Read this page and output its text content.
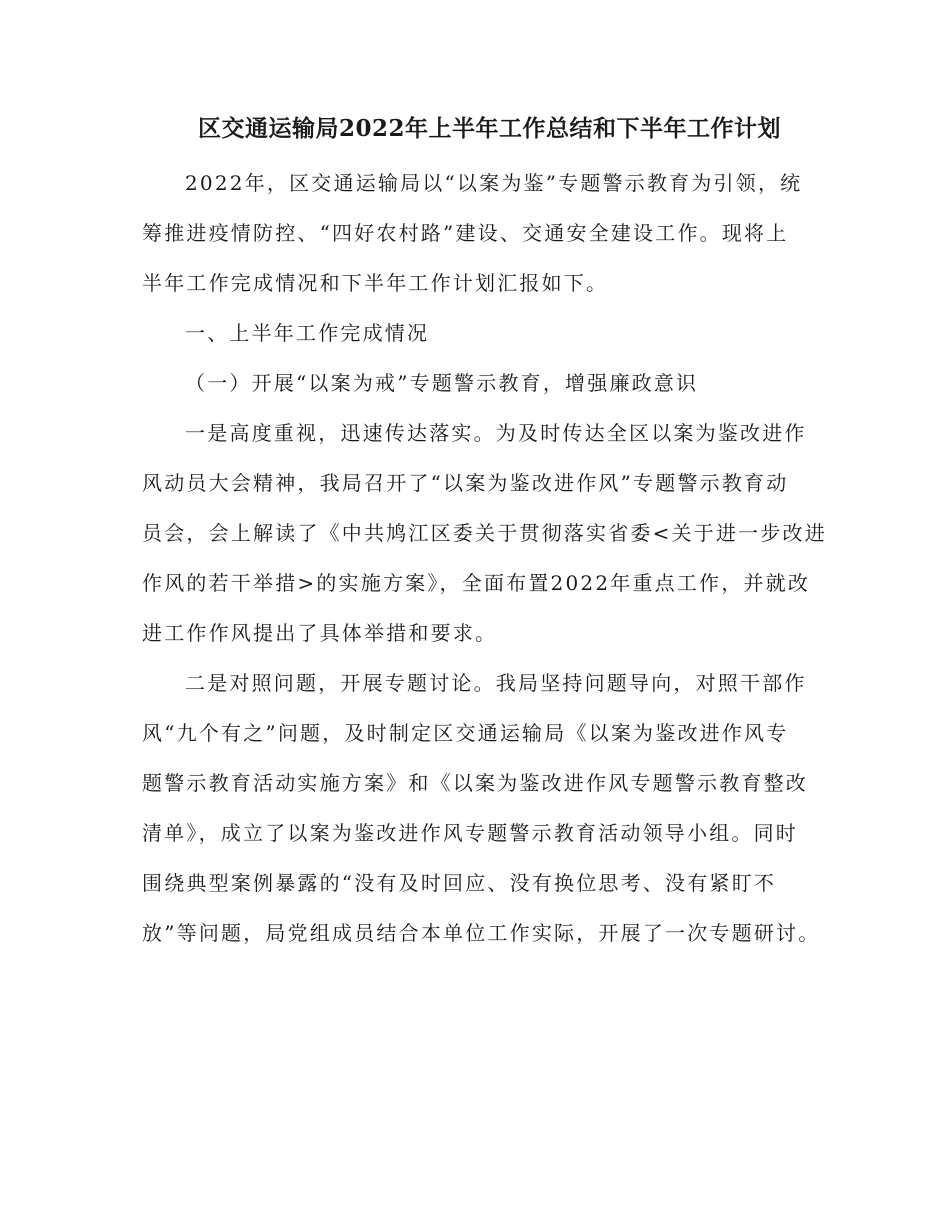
区交通运输局2022年上半年工作总结和下半年工作计划
2022年，区交通运输局以“以案为鉴”专题警示教育为引领，统
筹推进疫情防控、“四好农村路”建设、交通安全建设工作。现将上
半年工作完成情况和下半年工作计划汇报如下。
一、上半年工作完成情况
（一）开展“以案为戒”专题警示教育，增强廉政意识
一是高度重视，迅速传达落实。为及时传达全区以案为鉴改进作
风动员大会精神，我局召开了“以案为鉴改进作风”专题警示教育动
员会，会上解读了《中共鸠江区委关于贯彻落实省委<关于进一步改进
作风的若干举措>的实施方案》，全面布置2022年重点工作，并就改
进工作作风提出了具体举措和要求。
二是对照问题，开展专题讨论。我局坚持问题导向，对照干部作
风“九个有之”问题，及时制定区交通运输局《以案为鉴改进作风专
题警示教育活动实施方案》和《以案为鉴改进作风专题警示教育整改
清单》，成立了以案为鉴改进作风专题警示教育活动领导小组。同时
围绕典型案例暴露的“没有及时回应、没有换位思考、没有紧盯不
放”等问题，局党组成员结合本单位工作实际，开展了一次专题研讨。
